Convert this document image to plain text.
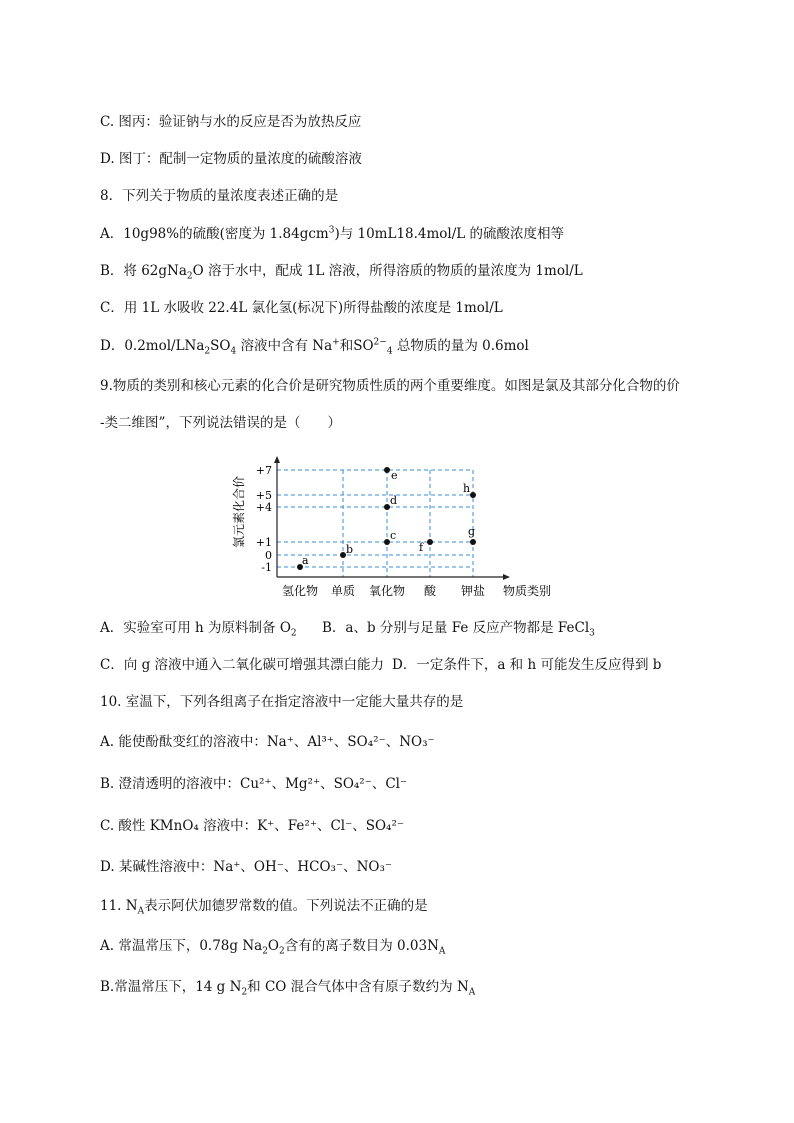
C. 图丙：验证钠与水的反应是否为放热反应
D. 图丁：配制一定物质的量浓度的硫酸溶液
8．下列关于物质的量浓度表述正确的是
A．10g98%的硫酸(密度为 1.84gcm$^3$)与 10mL18.4mol/L 的硫酸浓度相等
B．将 62gNa$_2$O 溶于水中，配成 1L 溶液，所得溶质的物质的量浓度为 1mol/L
C．用 1L 水吸收 22.4L 氯化氢(标况下)所得盐酸的浓度是 1mol/L
D．$0.2mol/LNa_2SO_4$ 溶液中含有 Na+和$SO^{2-}_4$ 总物质的量为 0.6mol
9.物质的类别和核心元素的化合价是研究物质性质的两个重要维度。如图是氯及其部分化合物的价
-类二维图”，下列说法错误的是（　　）
+7
+5
+4
+1
0
-1
氢化物 单质 氧化物 酸 钾盐
a
b
c
d
e
f
g
h
氯元素化合价
物质类别
A．实验室可用 h 为原料制备 $O_2$ B．a、b 分别与足量 Fe 反应产物都是 FeCl$_3$
C．向 g 溶液中通入二氧化碳可增强其漂白能力 D．一定条件下，a 和 h 可能发生反应得到 b
10. 室温下，下列各组离子在指定溶液中一定能大量共存的是
A. 能使酚酞变红的溶液中：Na⁺、Al³⁺、SO₄²⁻、NO₃⁻
B. 澄清透明的溶液中：Cu²⁺、Mg²⁺、SO₄²⁻、Cl⁻
C. 酸性 KMnO₄ 溶液中：K⁺、Fe²⁺、Cl⁻、SO₄²⁻
D. 某碱性溶液中：Na⁺、OH⁻、HCO₃⁻、NO₃⁻
11. $N_A$表示阿伏加德罗常数的值。下列说法不正确的是
A. 常温常压下，0.78g $Na_2O_2$含有的离子数目为 $0.03N_A$
B.常温常压下，14 g $N_2$和 CO 混合气体中含有原子数约为 $N_A$
